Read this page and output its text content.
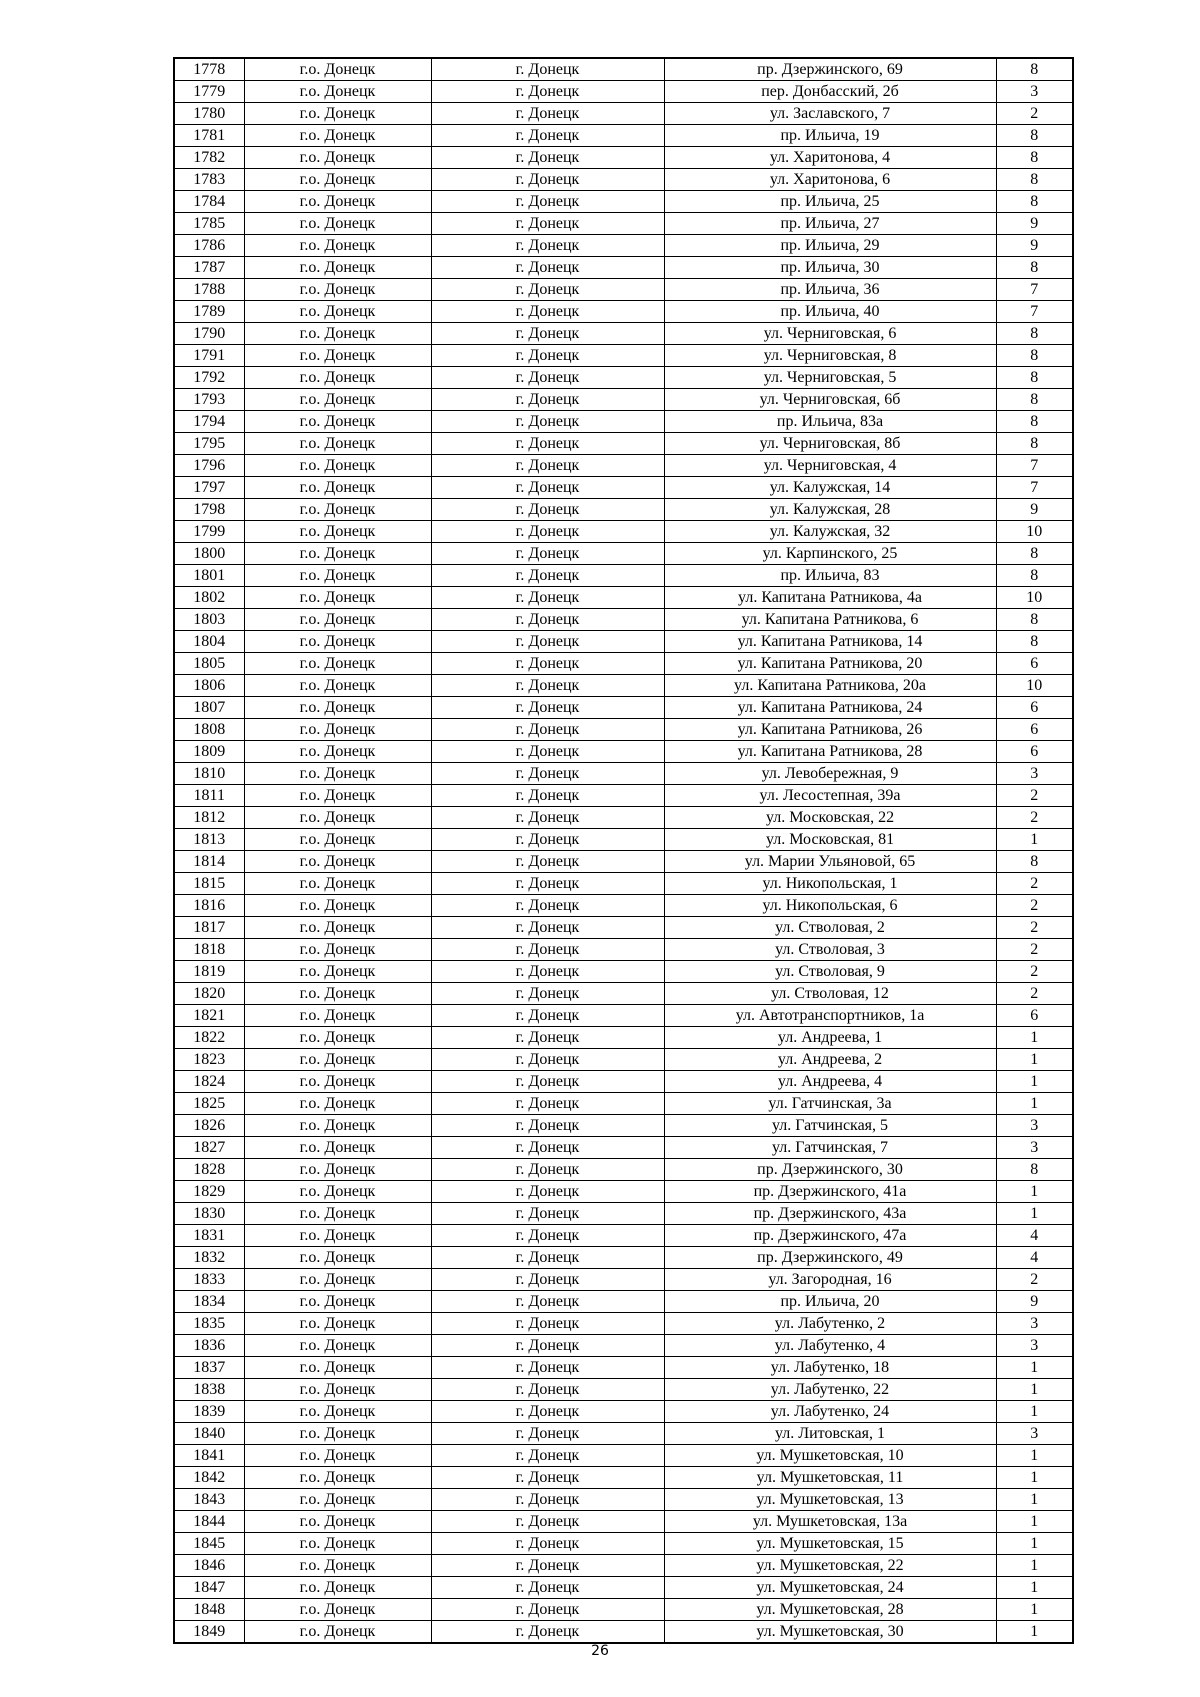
1778	г.о. Донецк	г. Донецк	пр. Дзержинского, 69	8
1779	г.о. Донецк	г. Донецк	пер. Донбасский, 2б	3
1780	г.о. Донецк	г. Донецк	ул. Заславского, 7	2
1781	г.о. Донецк	г. Донецк	пр. Ильича, 19	8
1782	г.о. Донецк	г. Донецк	ул. Харитонова, 4	8
1783	г.о. Донецк	г. Донецк	ул. Харитонова, 6	8
1784	г.о. Донецк	г. Донецк	пр. Ильича, 25	8
1785	г.о. Донецк	г. Донецк	пр. Ильича, 27	9
1786	г.о. Донецк	г. Донецк	пр. Ильича, 29	9
1787	г.о. Донецк	г. Донецк	пр. Ильича, 30	8
1788	г.о. Донецк	г. Донецк	пр. Ильича, 36	7
1789	г.о. Донецк	г. Донецк	пр. Ильича, 40	7
1790	г.о. Донецк	г. Донецк	ул. Черниговская, 6	8
1791	г.о. Донецк	г. Донецк	ул. Черниговская, 8	8
1792	г.о. Донецк	г. Донецк	ул. Черниговская, 5	8
1793	г.о. Донецк	г. Донецк	ул. Черниговская, 6б	8
1794	г.о. Донецк	г. Донецк	пр. Ильича, 83а	8
1795	г.о. Донецк	г. Донецк	ул. Черниговская, 8б	8
1796	г.о. Донецк	г. Донецк	ул. Черниговская, 4	7
1797	г.о. Донецк	г. Донецк	ул. Калужская, 14	7
1798	г.о. Донецк	г. Донецк	ул. Калужская, 28	9
1799	г.о. Донецк	г. Донецк	ул. Калужская, 32	10
1800	г.о. Донецк	г. Донецк	ул. Карпинского, 25	8
1801	г.о. Донецк	г. Донецк	пр. Ильича, 83	8
1802	г.о. Донецк	г. Донецк	ул. Капитана Ратникова, 4а	10
1803	г.о. Донецк	г. Донецк	ул. Капитана Ратникова, 6	8
1804	г.о. Донецк	г. Донецк	ул. Капитана Ратникова, 14	8
1805	г.о. Донецк	г. Донецк	ул. Капитана Ратникова, 20	6
1806	г.о. Донецк	г. Донецк	ул. Капитана Ратникова, 20а	10
1807	г.о. Донецк	г. Донецк	ул. Капитана Ратникова, 24	6
1808	г.о. Донецк	г. Донецк	ул. Капитана Ратникова, 26	6
1809	г.о. Донецк	г. Донецк	ул. Капитана Ратникова, 28	6
1810	г.о. Донецк	г. Донецк	ул. Левобережная, 9	3
1811	г.о. Донецк	г. Донецк	ул. Лесостепная, 39а	2
1812	г.о. Донецк	г. Донецк	ул. Московская, 22	2
1813	г.о. Донецк	г. Донецк	ул. Московская, 81	1
1814	г.о. Донецк	г. Донецк	ул. Марии Ульяновой, 65	8
1815	г.о. Донецк	г. Донецк	ул. Никопольская, 1	2
1816	г.о. Донецк	г. Донецк	ул. Никопольская, 6	2
1817	г.о. Донецк	г. Донецк	ул. Стволовая, 2	2
1818	г.о. Донецк	г. Донецк	ул. Стволовая, 3	2
1819	г.о. Донецк	г. Донецк	ул. Стволовая, 9	2
1820	г.о. Донецк	г. Донецк	ул. Стволовая, 12	2
1821	г.о. Донецк	г. Донецк	ул. Автотранспортников, 1а	6
1822	г.о. Донецк	г. Донецк	ул. Андреева, 1	1
1823	г.о. Донецк	г. Донецк	ул. Андреева, 2	1
1824	г.о. Донецк	г. Донецк	ул. Андреева, 4	1
1825	г.о. Донецк	г. Донецк	ул. Гатчинская, 3а	1
1826	г.о. Донецк	г. Донецк	ул. Гатчинская, 5	3
1827	г.о. Донецк	г. Донецк	ул. Гатчинская, 7	3
1828	г.о. Донецк	г. Донецк	пр. Дзержинского, 30	8
1829	г.о. Донецк	г. Донецк	пр. Дзержинского, 41а	1
1830	г.о. Донецк	г. Донецк	пр. Дзержинского, 43а	1
1831	г.о. Донецк	г. Донецк	пр. Дзержинского, 47а	4
1832	г.о. Донецк	г. Донецк	пр. Дзержинского, 49	4
1833	г.о. Донецк	г. Донецк	ул. Загородная, 16	2
1834	г.о. Донецк	г. Донецк	пр. Ильича, 20	9
1835	г.о. Донецк	г. Донецк	ул. Лабутенко, 2	3
1836	г.о. Донецк	г. Донецк	ул. Лабутенко, 4	3
1837	г.о. Донецк	г. Донецк	ул. Лабутенко, 18	1
1838	г.о. Донецк	г. Донецк	ул. Лабутенко, 22	1
1839	г.о. Донецк	г. Донецк	ул. Лабутенко, 24	1
1840	г.о. Донецк	г. Донецк	ул. Литовская, 1	3
1841	г.о. Донецк	г. Донецк	ул. Мушкетовская, 10	1
1842	г.о. Донецк	г. Донецк	ул. Мушкетовская, 11	1
1843	г.о. Донецк	г. Донецк	ул. Мушкетовская, 13	1
1844	г.о. Донецк	г. Донецк	ул. Мушкетовская, 13а	1
1845	г.о. Донецк	г. Донецк	ул. Мушкетовская, 15	1
1846	г.о. Донецк	г. Донецк	ул. Мушкетовская, 22	1
1847	г.о. Донецк	г. Донецк	ул. Мушкетовская, 24	1
1848	г.о. Донецк	г. Донецк	ул. Мушкетовская, 28	1
1849	г.о. Донецк	г. Донецк	ул. Мушкетовская, 30	1
26
